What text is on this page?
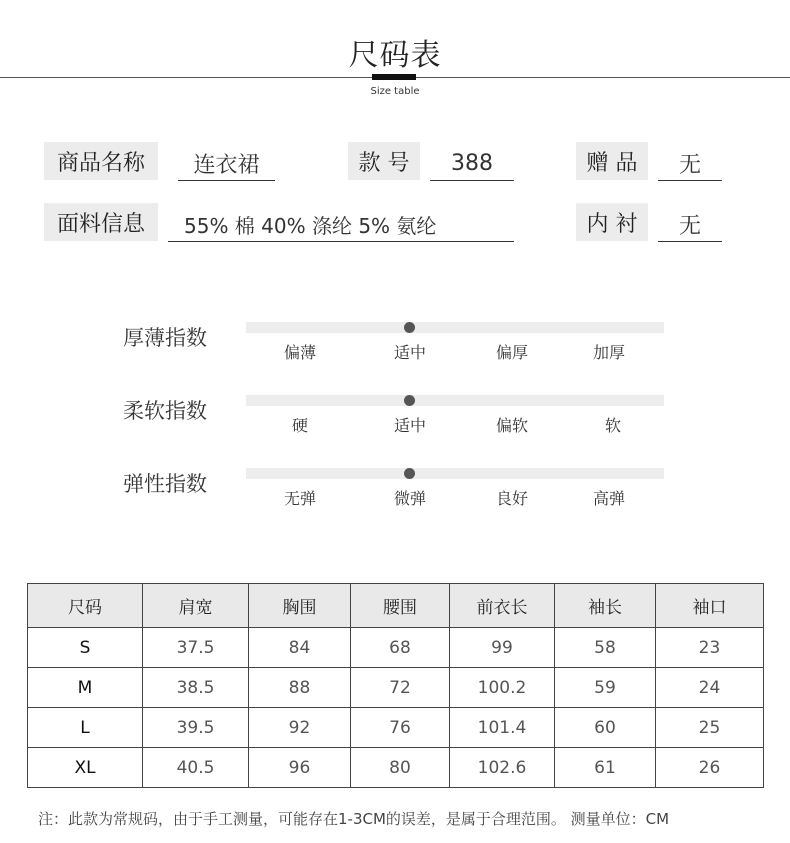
尺码表
Size table
商品名称	连衣裙	款 号	388	赠 品	无
面料信息	55% 棉 40% 涤纶 5% 氨纶	内 衬	无
厚薄指数
偏薄	适中	偏厚	加厚
柔软指数
硬	适中	偏软	软
弹性指数
无弹	微弹	良好	高弹
尺码	肩宽	胸围	腰围	前衣长	袖长	袖口
S	37.5	84	68	99	58	23
M	38.5	88	72	100.2	59	24
L	39.5	92	76	101.4	60	25
XL	40.5	96	80	102.6	61	26
注：此款为常规码，由于手工测量，可能存在1-3CM的误差，是属于合理范围。 测量单位：CM
